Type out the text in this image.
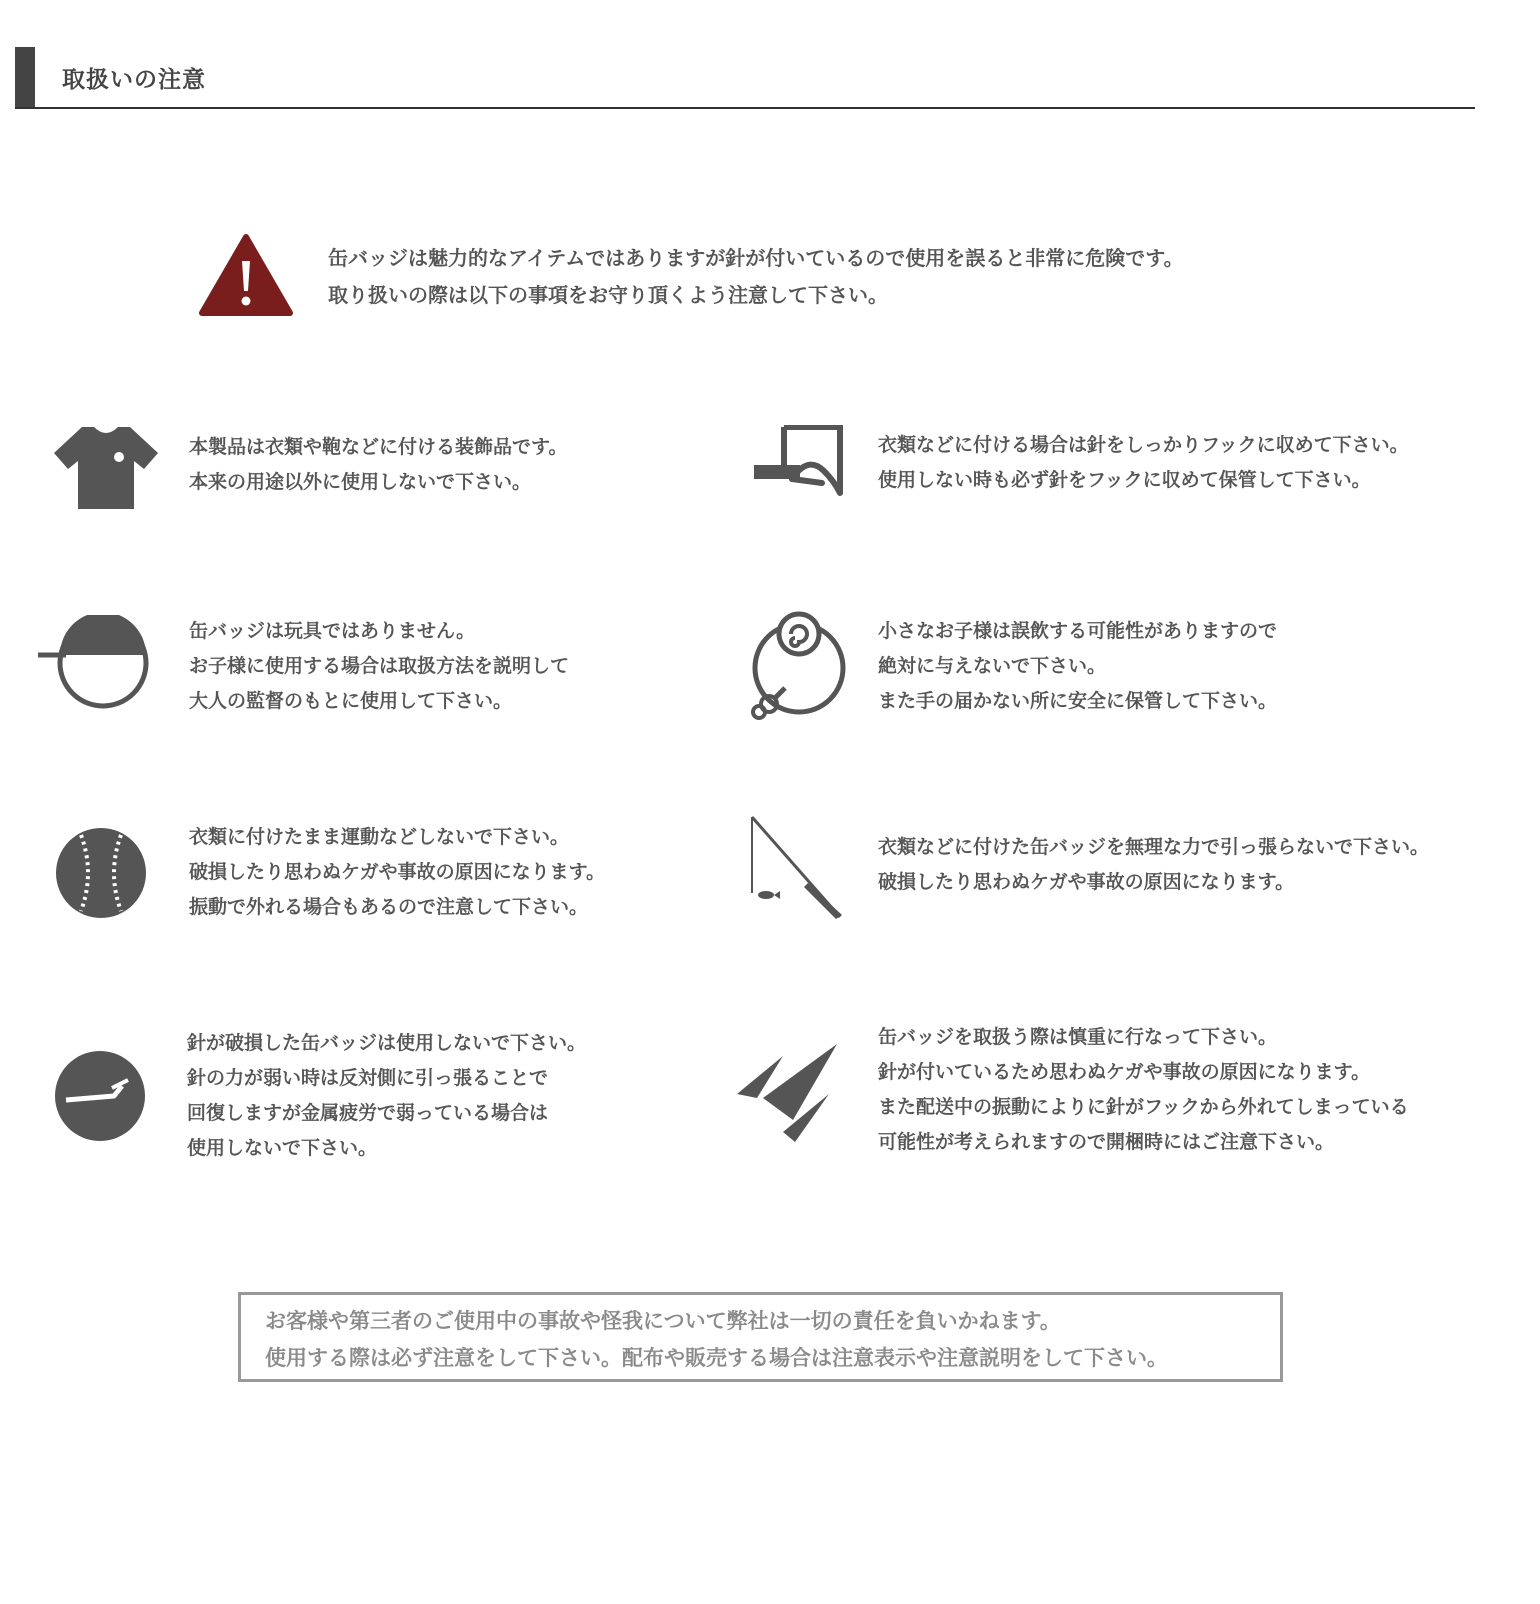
取扱いの注意
缶バッジは魅力的なアイテムではありますが針が付いているので使用を誤ると非常に危険です。
取り扱いの際は以下の事項をお守り頂くよう注意して下さい。
本製品は衣類や鞄などに付ける装飾品です。
本来の用途以外に使用しないで下さい。
衣類などに付ける場合は針をしっかりフックに収めて下さい。
使用しない時も必ず針をフックに収めて保管して下さい。
缶バッジは玩具ではありません。
お子様に使用する場合は取扱方法を説明して
大人の監督のもとに使用して下さい。
小さなお子様は誤飲する可能性がありますので
絶対に与えないで下さい。
また手の届かない所に安全に保管して下さい。
衣類に付けたまま運動などしないで下さい。
破損したり思わぬケガや事故の原因になります。
振動で外れる場合もあるので注意して下さい。
衣類などに付けた缶バッジを無理な力で引っ張らないで下さい。
破損したり思わぬケガや事故の原因になります。
針が破損した缶バッジは使用しないで下さい。
針の力が弱い時は反対側に引っ張ることで
回復しますが金属疲労で弱っている場合は
使用しないで下さい。
缶バッジを取扱う際は慎重に行なって下さい。
針が付いているため思わぬケガや事故の原因になります。
また配送中の振動によりに針がフックから外れてしまっている
可能性が考えられますので開梱時にはご注意下さい。
お客様や第三者のご使用中の事故や怪我について弊社は一切の責任を負いかねます。
使用する際は必ず注意をして下さい。配布や販売する場合は注意表示や注意説明をして下さい。
